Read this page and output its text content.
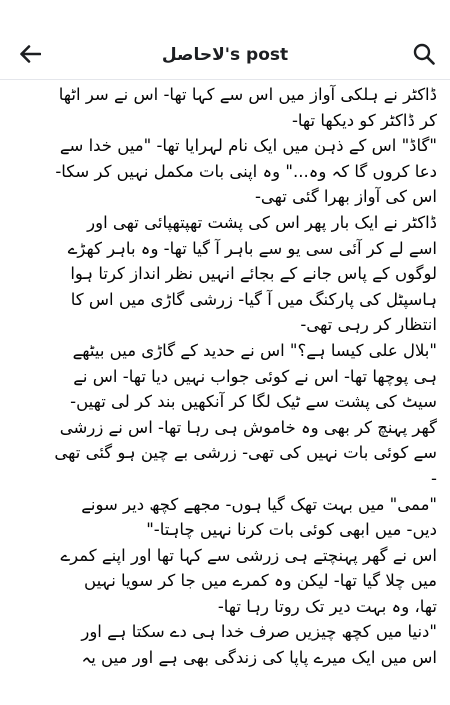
لاحاصل's post
ڈاکٹر نے ہلکی آواز میں اس سے کہا تھا- اس نے سر اٹھا
کر ڈاکٹر کو دیکھا تھا-
"گاڈ" اس کے ذہن میں ایک نام لہرایا تھا- "میں خدا سے
دعا کروں گا کہ وہ..." وہ اپنی بات مکمل نہیں کر سکا-
اس کی آواز بھرا گئی تھی-
ڈاکٹر نے ایک بار پھر اس کی پشت تھپتھپائی تھی اور
اسے لے کر آئی سی یو سے باہر آ گیا تھا- وہ باہر کھڑے
لوگوں کے پاس جانے کے بجائے انہیں نظر انداز کرتا ہوا
ہاسپٹل کی پارکنگ میں آ گیا- زرشی گاڑی میں اس کا
انتظار کر رہی تھی-
"بلال علی کیسا ہے؟" اس نے حدید کے گاڑی میں بیٹھے
ہی پوچھا تھا- اس نے کوئی جواب نہیں دیا تھا- اس نے
سیٹ کی پشت سے ٹیک لگا کر آنکھیں بند کر لی تھیں-
گھر پہنچ کر بھی وہ خاموش ہی رہا تھا- اس نے زرشی
سے کوئی بات نہیں کی تھی- زرشی بے چین ہو گئی تھی
-
"ممی" میں بہت تھک گیا ہوں- مجھے کچھ دیر سونے
دیں- میں ابھی کوئی بات کرنا نہیں چاہتا-"
اس نے گھر پہنچتے ہی زرشی سے کہا تھا اور اپنے کمرے
میں چلا گیا تھا- لیکن وہ کمرے میں جا کر سویا نہیں
تھا، وہ بہت دیر تک روتا رہا تھا-
"دنیا میں کچھ چیزیں صرف خدا ہی دے سکتا ہے اور
اس میں ایک میرے پاپا کی زندگی بھی ہے اور میں یہ
